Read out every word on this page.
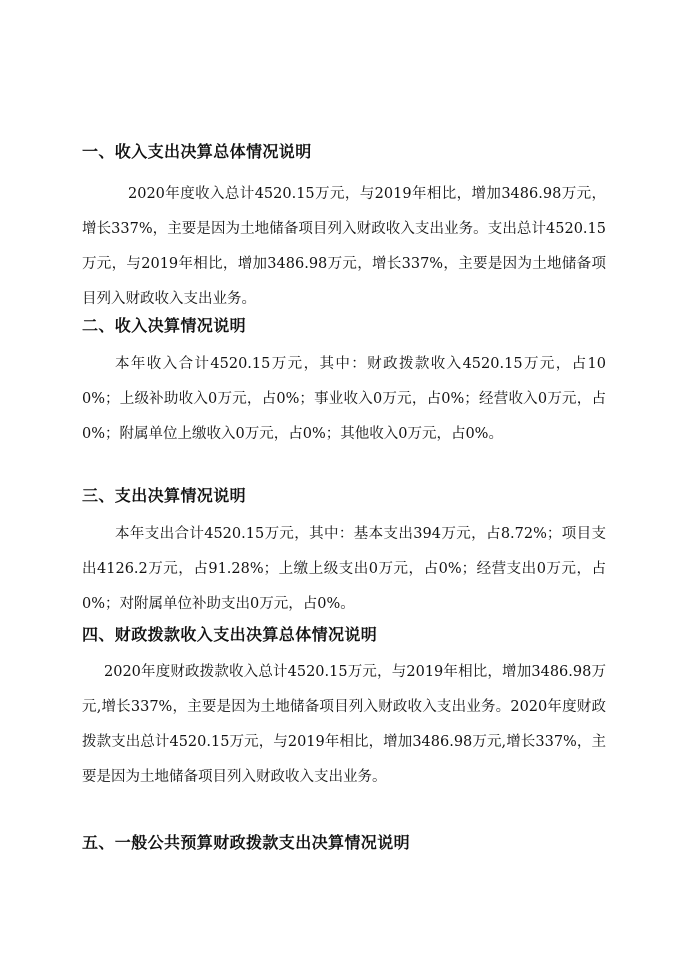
一、收入支出决算总体情况说明

2020年度收入总计4520.15万元，与2019年相比，增加3486.98万元，增长337%，主要是因为土地储备项目列入财政收入支出业务。支出总计4520.15万元，与2019年相比，增加3486.98万元，增长337%，主要是因为土地储备项目列入财政收入支出业务。

二、收入决算情况说明

本年收入合计4520.15万元，其中：财政拨款收入4520.15万元，占100%；上级补助收入0万元，占0%；事业收入0万元，占0%；经营收入0万元，占0%；附属单位上缴收入0万元，占0%；其他收入0万元，占0%。

三、支出决算情况说明

本年支出合计4520.15万元，其中：基本支出394万元，占8.72%；项目支出4126.2万元，占91.28%；上缴上级支出0万元，占0%；经营支出0万元，占0%；对附属单位补助支出0万元，占0%。

四、财政拨款收入支出决算总体情况说明

2020年度财政拨款收入总计4520.15万元，与2019年相比，增加3486.98万元,增长337%，主要是因为土地储备项目列入财政收入支出业务。2020年度财政拨款支出总计4520.15万元，与2019年相比，增加3486.98万元,增长337%，主要是因为土地储备项目列入财政收入支出业务。

五、一般公共预算财政拨款支出决算情况说明
